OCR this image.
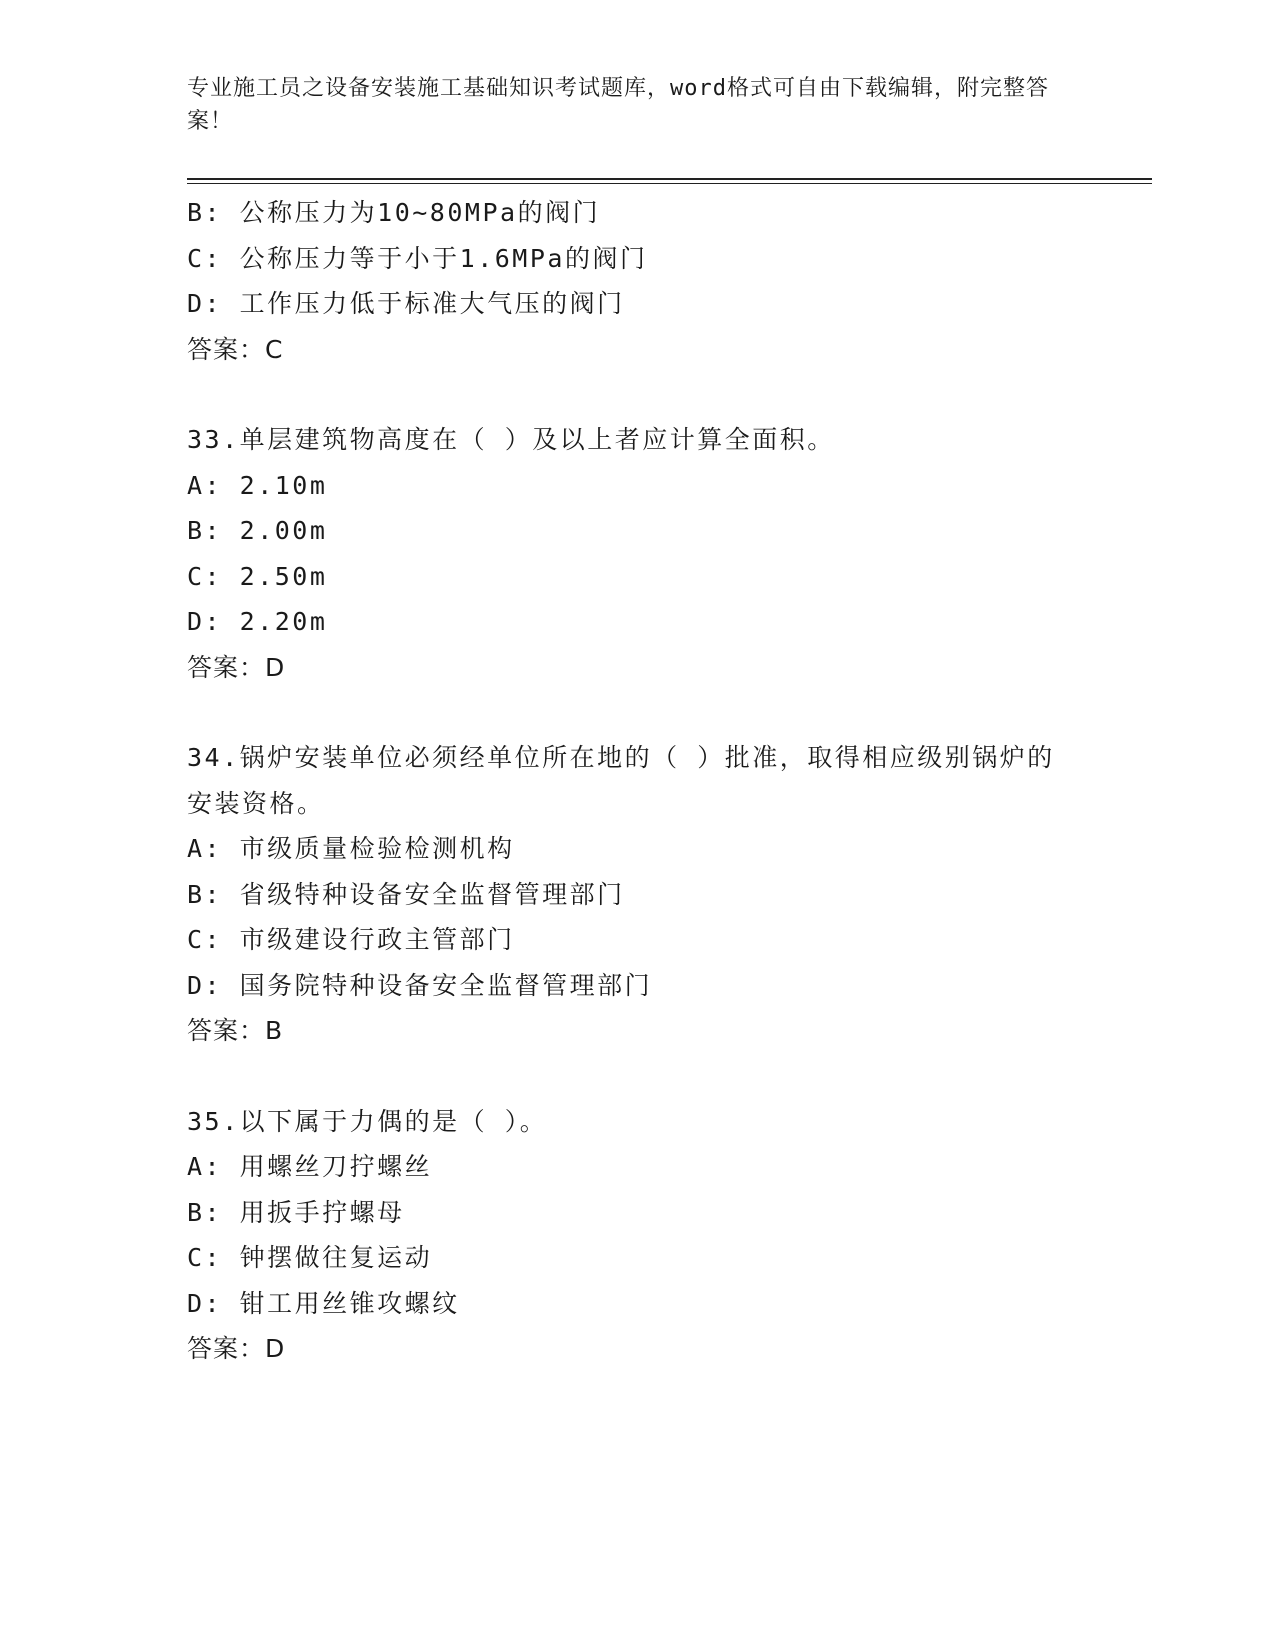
专业施工员之设备安装施工基础知识考试题库，word格式可自由下载编辑，附完整答案！
B: 公称压力为10~80MPa的阀门
C: 公称压力等于小于1.6MPa的阀门
D: 工作压力低于标准大气压的阀门
答案：C
33.单层建筑物高度在（ ）及以上者应计算全面积。
A: 2.10m
B: 2.00m
C: 2.50m
D: 2.20m
答案：D
34.锅炉安装单位必须经单位所在地的（ ）批准，取得相应级别锅炉的安装资格。
A: 市级质量检验检测机构
B: 省级特种设备安全监督管理部门
C: 市级建设行政主管部门
D: 国务院特种设备安全监督管理部门
答案：B
35.以下属于力偶的是（ ）。
A: 用螺丝刀拧螺丝
B: 用扳手拧螺母
C: 钟摆做往复运动
D: 钳工用丝锥攻螺纹
答案：D
